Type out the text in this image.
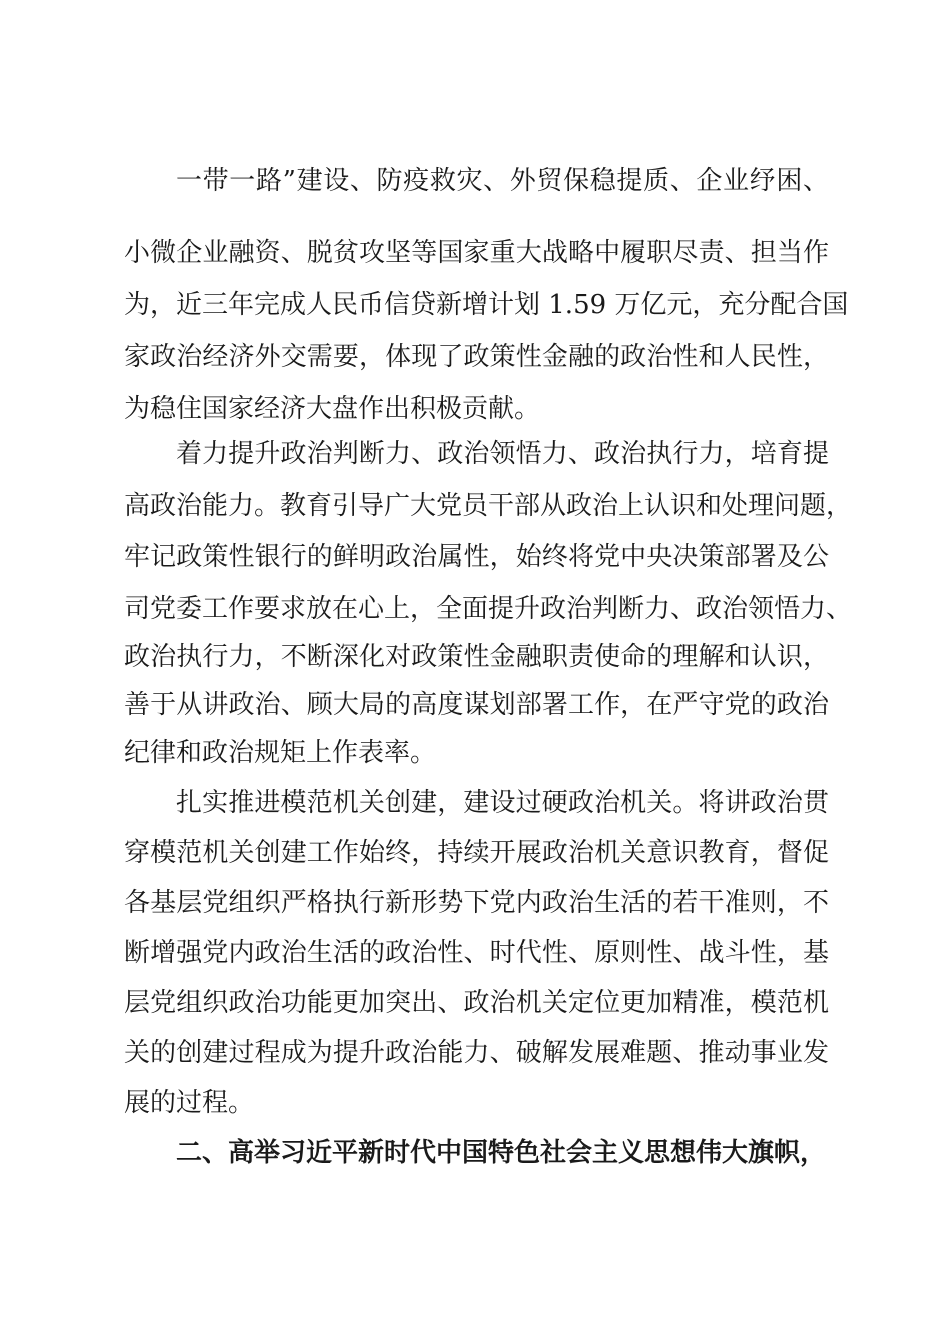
一带一路”建设、防疫救灾、外贸保稳提质、企业纾困、
小微企业融资、脱贫攻坚等国家重大战略中履职尽责、担当作
为，近三年完成人民币信贷新增计划 1.59 万亿元，充分配合国
家政治经济外交需要，体现了政策性金融的政治性和人民性，
为稳住国家经济大盘作出积极贡献。
着力提升政治判断力、政治领悟力、政治执行力，培育提
高政治能力。教育引导广大党员干部从政治上认识和处理问题，
牢记政策性银行的鲜明政治属性，始终将党中央决策部署及公
司党委工作要求放在心上，全面提升政治判断力、政治领悟力、
政治执行力，不断深化对政策性金融职责使命的理解和认识，
善于从讲政治、顾大局的高度谋划部署工作，在严守党的政治
纪律和政治规矩上作表率。
扎实推进模范机关创建，建设过硬政治机关。将讲政治贯
穿模范机关创建工作始终，持续开展政治机关意识教育，督促
各基层党组织严格执行新形势下党内政治生活的若干准则，不
断增强党内政治生活的政治性、时代性、原则性、战斗性，基
层党组织政治功能更加突出、政治机关定位更加精准，模范机
关的创建过程成为提升政治能力、破解发展难题、推动事业发
展的过程。
二、高举习近平新时代中国特色社会主义思想伟大旗帜，
